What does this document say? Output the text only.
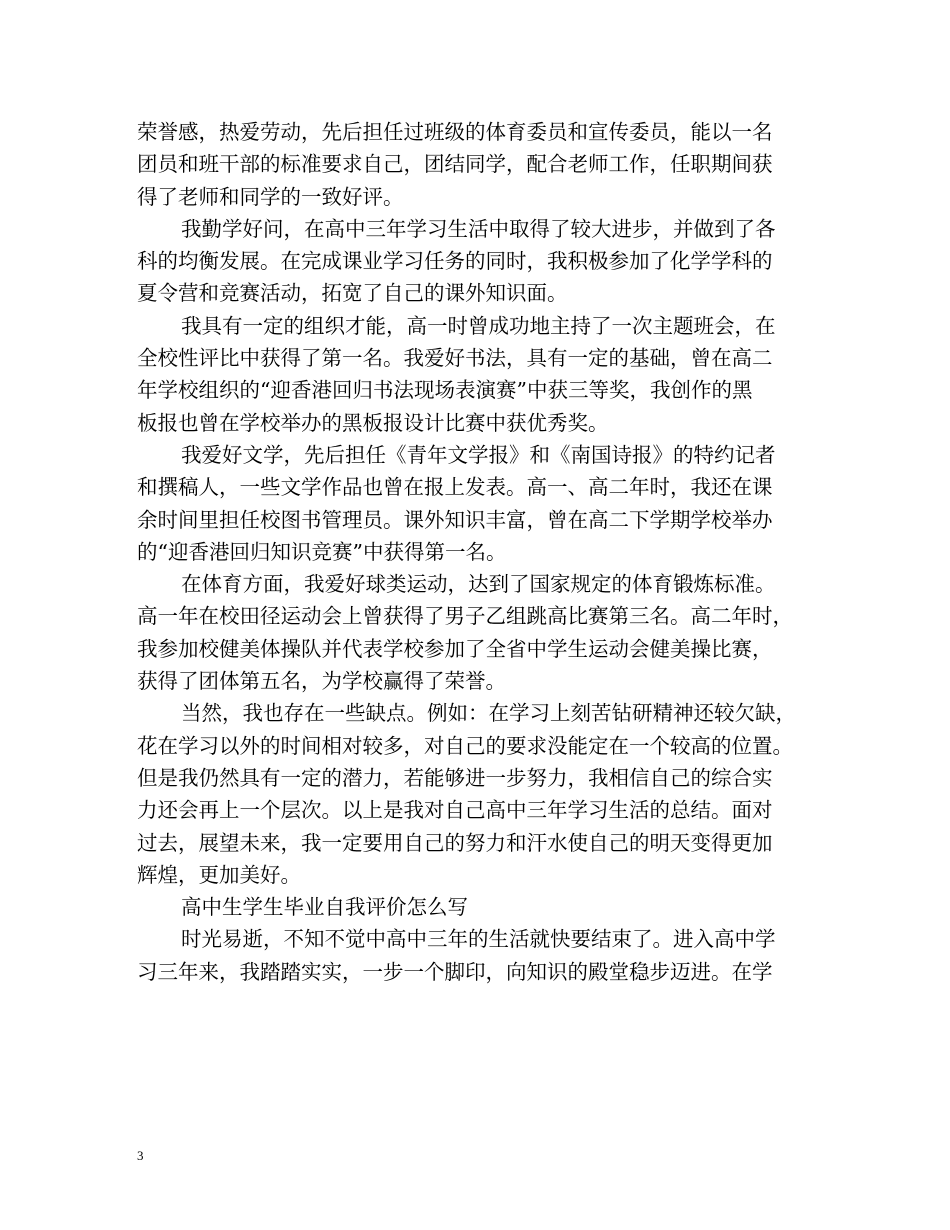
荣誉感，热爱劳动，先后担任过班级的体育委员和宣传委员，能以一名
团员和班干部的标准要求自己，团结同学，配合老师工作，任职期间获
得了老师和同学的一致好评。
我勤学好问，在高中三年学习生活中取得了较大进步，并做到了各
科的均衡发展。在完成课业学习任务的同时，我积极参加了化学学科的
夏令营和竞赛活动，拓宽了自己的课外知识面。
我具有一定的组织才能，高一时曾成功地主持了一次主题班会，在
全校性评比中获得了第一名。我爱好书法，具有一定的基础，曾在高二
年学校组织的“迎香港回归书法现场表演赛”中获三等奖，我创作的黑
板报也曾在学校举办的黑板报设计比赛中获优秀奖。
我爱好文学，先后担任《青年文学报》和《南国诗报》的特约记者
和撰稿人，一些文学作品也曾在报上发表。高一、高二年时，我还在课
余时间里担任校图书管理员。课外知识丰富，曾在高二下学期学校举办
的“迎香港回归知识竞赛”中获得第一名。
在体育方面，我爱好球类运动，达到了国家规定的体育锻炼标准。
高一年在校田径运动会上曾获得了男子乙组跳高比赛第三名。高二年时，
我参加校健美体操队并代表学校参加了全省中学生运动会健美操比赛，
获得了团体第五名，为学校赢得了荣誉。
当然，我也存在一些缺点。例如：在学习上刻苦钻研精神还较欠缺，
花在学习以外的时间相对较多，对自己的要求没能定在一个较高的位置。
但是我仍然具有一定的潜力，若能够进一步努力，我相信自己的综合实
力还会再上一个层次。以上是我对自己高中三年学习生活的总结。面对
过去，展望未来，我一定要用自己的努力和汗水使自己的明天变得更加
辉煌，更加美好。
高中生学生毕业自我评价怎么写
时光易逝，不知不觉中高中三年的生活就快要结束了。进入高中学
习三年来，我踏踏实实，一步一个脚印，向知识的殿堂稳步迈进。在学
3
